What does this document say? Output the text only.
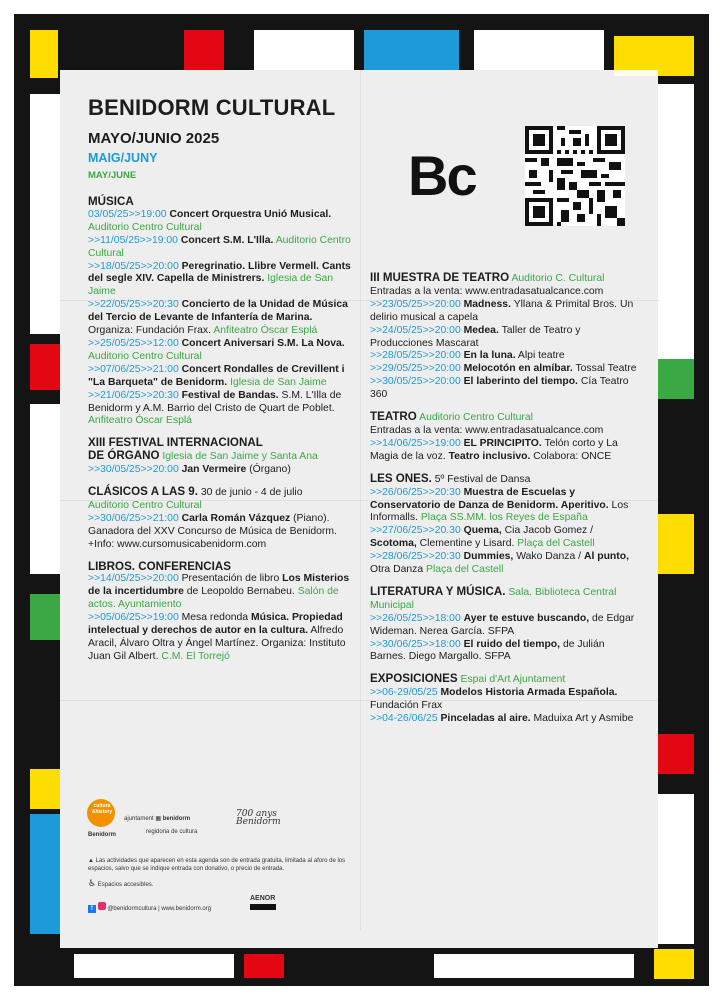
BENIDORM CULTURAL
MAYO/JUNIO 2025
MAIG/JUNY
MAY/JUNE	Bc

MÚSICA

03/05/25>>19:00 Concert Orquestra Unió Musical. Auditorio Centro Cultural

>>11/05/25>>19:00 Concert S.M. L'Illa. Auditorio Centro Cultural

>>18/05/25>>20:00 Peregrinatio. Llibre Vermell. Cants del segle XIV. Capella de Ministrers. Iglesia de San Jaime

>>22/05/25>>20:30 Concierto de la Unidad de Música del Tercio de Levante de Infantería de Marina. Organiza: Fundación Frax. Anfiteatro Óscar Esplá

>>25/05/25>>12:00 Concert Aniversari S.M. La Nova. Auditorio Centro Cultural

>>07/06/25>>21:00 Concert Rondalles de Crevillent i "La Barqueta" de Benidorm. Iglesia de San Jaime

>>21/06/25>>20:30 Festival de Bandas. S.M. L'Illa de Benidorm y A.M. Barrio del Cristo de Quart de Poblet. Anfiteatro Óscar Esplá

XIII FESTIVAL INTERNACIONAL

DE ÓRGANO Iglesia de San Jaime y Santa Ana

>>30/05/25>>20:00 Jan Vermeire (Órgano)

CLÁSICOS A LAS 9. 30 de junio - 4 de julio

Auditorio Centro Cultural

>>30/06/25>>21:00 Carla Román Vázquez (Piano). Ganadora del XXV Concurso de Música de Benidorm. +Info: www.cursomusicabenidorm.com

LIBROS. CONFERENCIAS

>>14/05/25>>20:00 Presentación de libro Los Misterios de la incertidumbre de Leopoldo Bernabeu. Salón de actos. Ayuntamiento

>>05/06/25>>19:00 Mesa redonda Música. Propiedad intelectual y derechos de autor en la cultura. Alfredo Aracil, Álvaro Oltra y Ángel Martínez. Organiza: Instituto Juan Gil Albert. C.M. El Torrejó

III MUESTRA DE TEATRO Auditorio C. Cultural

Entradas a la venta: www.entradasatualcance.com

>>23/05/25>>20:00 Madness. Yllana & Primital Bros. Un delirio musical a capela

>>24/05/25>>20:00 Medea. Taller de Teatro y Producciones Mascarat

>>28/05/25>>20:00 En la luna. Alpi teatre

>>29/05/25>>20:00 Melocotón en almíbar. Tossal Teatre

>>30/05/25>>20:00 El laberinto del tiempo. Cía Teatro 360

TEATRO Auditorio Centro Cultural

Entradas a la venta: www.entradasatualcance.com

>>14/06/25>>19:00 EL PRINCIPITO. Telón corto y La Magia de la voz. Teatro inclusivo. Colabora: ONCE

LES ONES. 5º Festival de Dansa

>>26/06/25>>20:30 Muestra de Escuelas y Conservatorio de Danza de Benidorm. Aperitivo. Los Informalls. Plaça SS.MM. los Reyes de España

>>27/06/25>>20.30 Quema, Cia Jacob Gomez / Scotoma, Clementine y Lisard. Plaça del Castell

>>28/06/25>>20:30 Dummies, Wako Danza / Al punto, Otra Danza Plaça del Castell

LITERATURA Y MÚSICA. Sala. Biblioteca Central Municipal

>>26/05/25>>18:00 Ayer te estuve buscando, de Edgar Wideman. Nerea García. SFPA

>>30/06/25>>18:00 El ruido del tiempo, de Julián Barnes. Diego Margallo. SFPA

EXPOSICIONES Espai d'Art Ajuntament

>>06-29/05/25 Modelos Historia Armada Española. Fundación Frax

>>04-26/06/25 Pinceladas al aire. Maduixa Art y Asmibe

cultura
&history
Benidorm
ajuntament ▦ benidorm
regidoria de cultura
700 anys Benidorm
▲ Las actividades que aparecen en esta agenda son de entrada gratuita, limitada al aforo de los espacios, salvo que se indique entrada con donativo, o precio de entrada.
♿ Espacios accesibles.
f @benidormcultura | www.benidorm.org
AENOR
